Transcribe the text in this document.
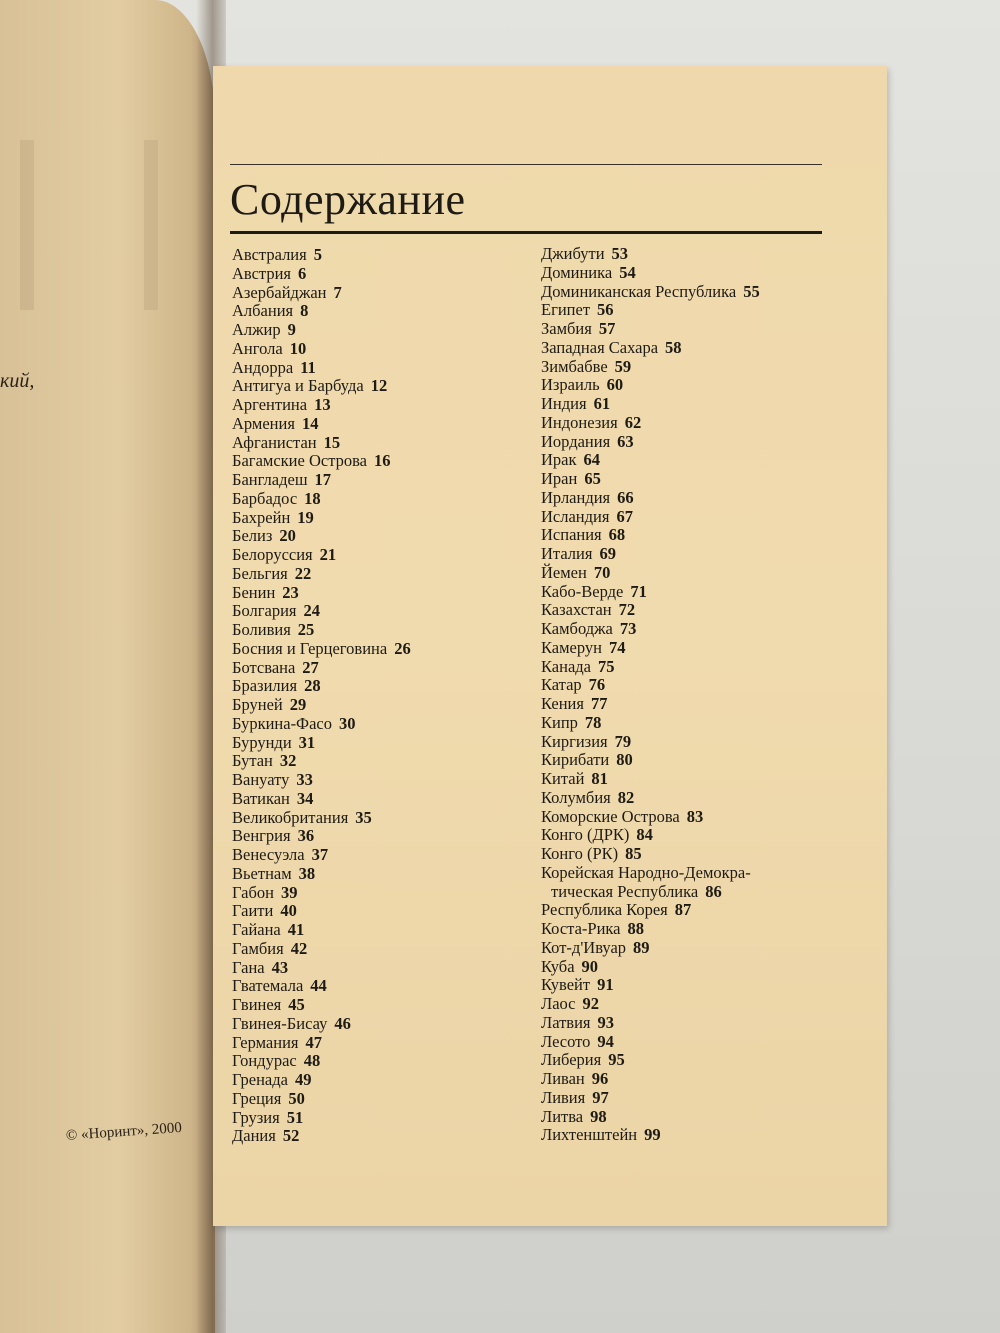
кий,
© «Норинт», 2000
Содержание
Австралия 5
Австрия 6
Азербайджан 7
Албания 8
Алжир 9
Ангола 10
Андорра 11
Антигуа и Барбуда 12
Аргентина 13
Армения 14
Афганистан 15
Багамские Острова 16
Бангладеш 17
Барбадос 18
Бахрейн 19
Белиз 20
Белоруссия 21
Бельгия 22
Бенин 23
Болгария 24
Боливия 25
Босния и Герцеговина 26
Ботсвана 27
Бразилия 28
Бруней 29
Буркина-Фасо 30
Бурунди 31
Бутан 32
Вануату 33
Ватикан 34
Великобритания 35
Венгрия 36
Венесуэла 37
Вьетнам 38
Габон 39
Гаити 40
Гайана 41
Гамбия 42
Гана 43
Гватемала 44
Гвинея 45
Гвинея-Бисау 46
Германия 47
Гондурас 48
Гренада 49
Греция 50
Грузия 51
Дания 52
Джибути 53
Доминика 54
Доминиканская Республика 55
Египет 56
Замбия 57
Западная Сахара 58
Зимбабве 59
Израиль 60
Индия 61
Индонезия 62
Иордания 63
Ирак 64
Иран 65
Ирландия 66
Исландия 67
Испания 68
Италия 69
Йемен 70
Кабо-Верде 71
Казахстан 72
Камбоджа 73
Камерун 74
Канада 75
Катар 76
Кения 77
Кипр 78
Киргизия 79
Кирибати 80
Китай 81
Колумбия 82
Коморские Острова 83
Конго (ДРК) 84
Конго (РК) 85
Корейская Народно-Демокра-
тическая Республика 86
Республика Корея 87
Коста-Рика 88
Кот-д'Ивуар 89
Куба 90
Кувейт 91
Лаос 92
Латвия 93
Лесото 94
Либерия 95
Ливан 96
Ливия 97
Литва 98
Лихтенштейн 99
